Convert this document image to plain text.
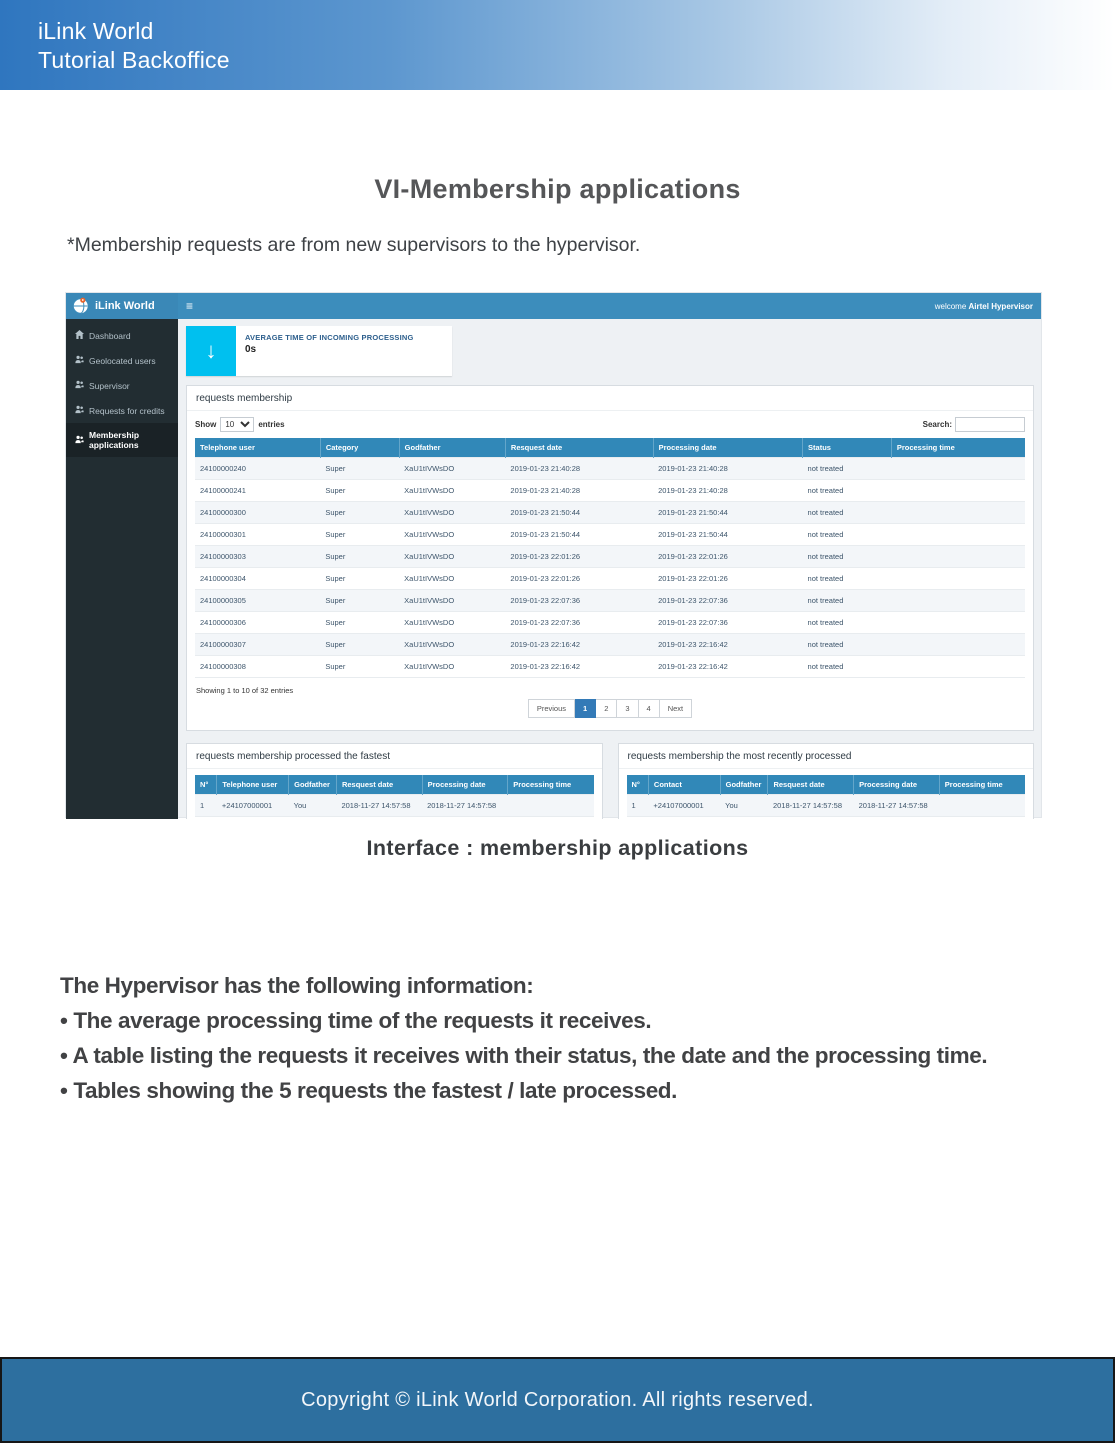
iLink World
Tutorial Backoffice
VI-Membership applications
*Membership requests are from new supervisors to the hypervisor.
iLink World	≡	welcome Airtel Hypervisor
Dashboard
Geolocated users
Supervisor
Requests for credits
Membership applications
↓
AVERAGE TIME OF INCOMING PROCESSING
0s
requests membership
Show
10	entries	Search:
Telephone user	Category	Godfather	Resquest date	Processing date	Status	Processing time
24100000240	Super	XaU1tIVWsDO	2019-01-23 21:40:28	2019-01-23 21:40:28	not treated	
24100000241	Super	XaU1tIVWsDO	2019-01-23 21:40:28	2019-01-23 21:40:28	not treated	
24100000300	Super	XaU1tIVWsDO	2019-01-23 21:50:44	2019-01-23 21:50:44	not treated	
24100000301	Super	XaU1tIVWsDO	2019-01-23 21:50:44	2019-01-23 21:50:44	not treated	
24100000303	Super	XaU1tIVWsDO	2019-01-23 22:01:26	2019-01-23 22:01:26	not treated	
24100000304	Super	XaU1tIVWsDO	2019-01-23 22:01:26	2019-01-23 22:01:26	not treated	
24100000305	Super	XaU1tIVWsDO	2019-01-23 22:07:36	2019-01-23 22:07:36	not treated	
24100000306	Super	XaU1tIVWsDO	2019-01-23 22:07:36	2019-01-23 22:07:36	not treated	
24100000307	Super	XaU1tIVWsDO	2019-01-23 22:16:42	2019-01-23 22:16:42	not treated	
24100000308	Super	XaU1tIVWsDO	2019-01-23 22:16:42	2019-01-23 22:16:42	not treated	
Showing 1 to 10 of 32 entries
Previous	1	2	3	4	Next
requests membership processed the fastest
N°	Telephone user	Godfather	Resquest date	Processing date	Processing time
1	+24107000001	You	2018-11-27 14:57:58	2018-11-27 14:57:58	
requests membership the most recently processed
N°	Contact	Godfather	Resquest date	Processing date	Processing time
1	+24107000001	You	2018-11-27 14:57:58	2018-11-27 14:57:58	
Interface : membership applications
The Hypervisor has the following information:
• The average processing time of the requests it receives.
• A table listing the requests it receives with their status, the date and the processing time.
• Tables showing the 5 requests the fastest / late processed.
Copyright © iLink World Corporation. All rights reserved.
